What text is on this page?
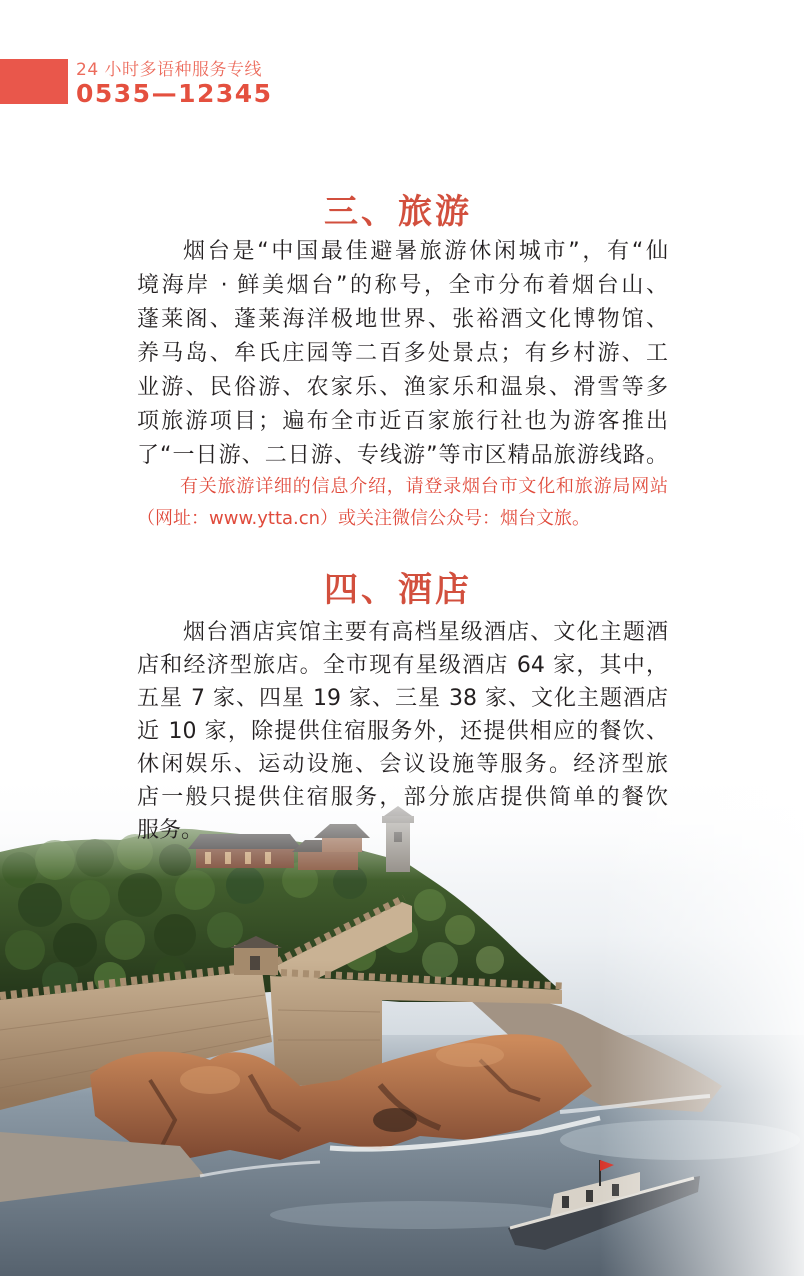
24 小时多语种服务专线
0535—12345
三、旅游
烟台是“中国最佳避暑旅游休闲城市”，有“仙
境海岸 · 鲜美烟台”的称号，全市分布着烟台山、
蓬莱阁、蓬莱海洋极地世界、张裕酒文化博物馆、
养马岛、牟氏庄园等二百多处景点；有乡村游、工
业游、民俗游、农家乐、渔家乐和温泉、滑雪等多
项旅游项目；遍布全市近百家旅行社也为游客推出
了“一日游、二日游、专线游”等市区精品旅游线路。
有关旅游详细的信息介绍，请登录烟台市文化和旅游局网站
（网址：www.ytta.cn）或关注微信公众号：烟台文旅。
四、酒店
烟台酒店宾馆主要有高档星级酒店、文化主题酒
店和经济型旅店。全市现有星级酒店 64 家，其中，
五星 7 家、四星 19 家、三星 38 家、文化主题酒店
近 10 家，除提供住宿服务外，还提供相应的餐饮、
休闲娱乐、运动设施、会议设施等服务。经济型旅
店一般只提供住宿服务，部分旅店提供简单的餐饮
服务。
